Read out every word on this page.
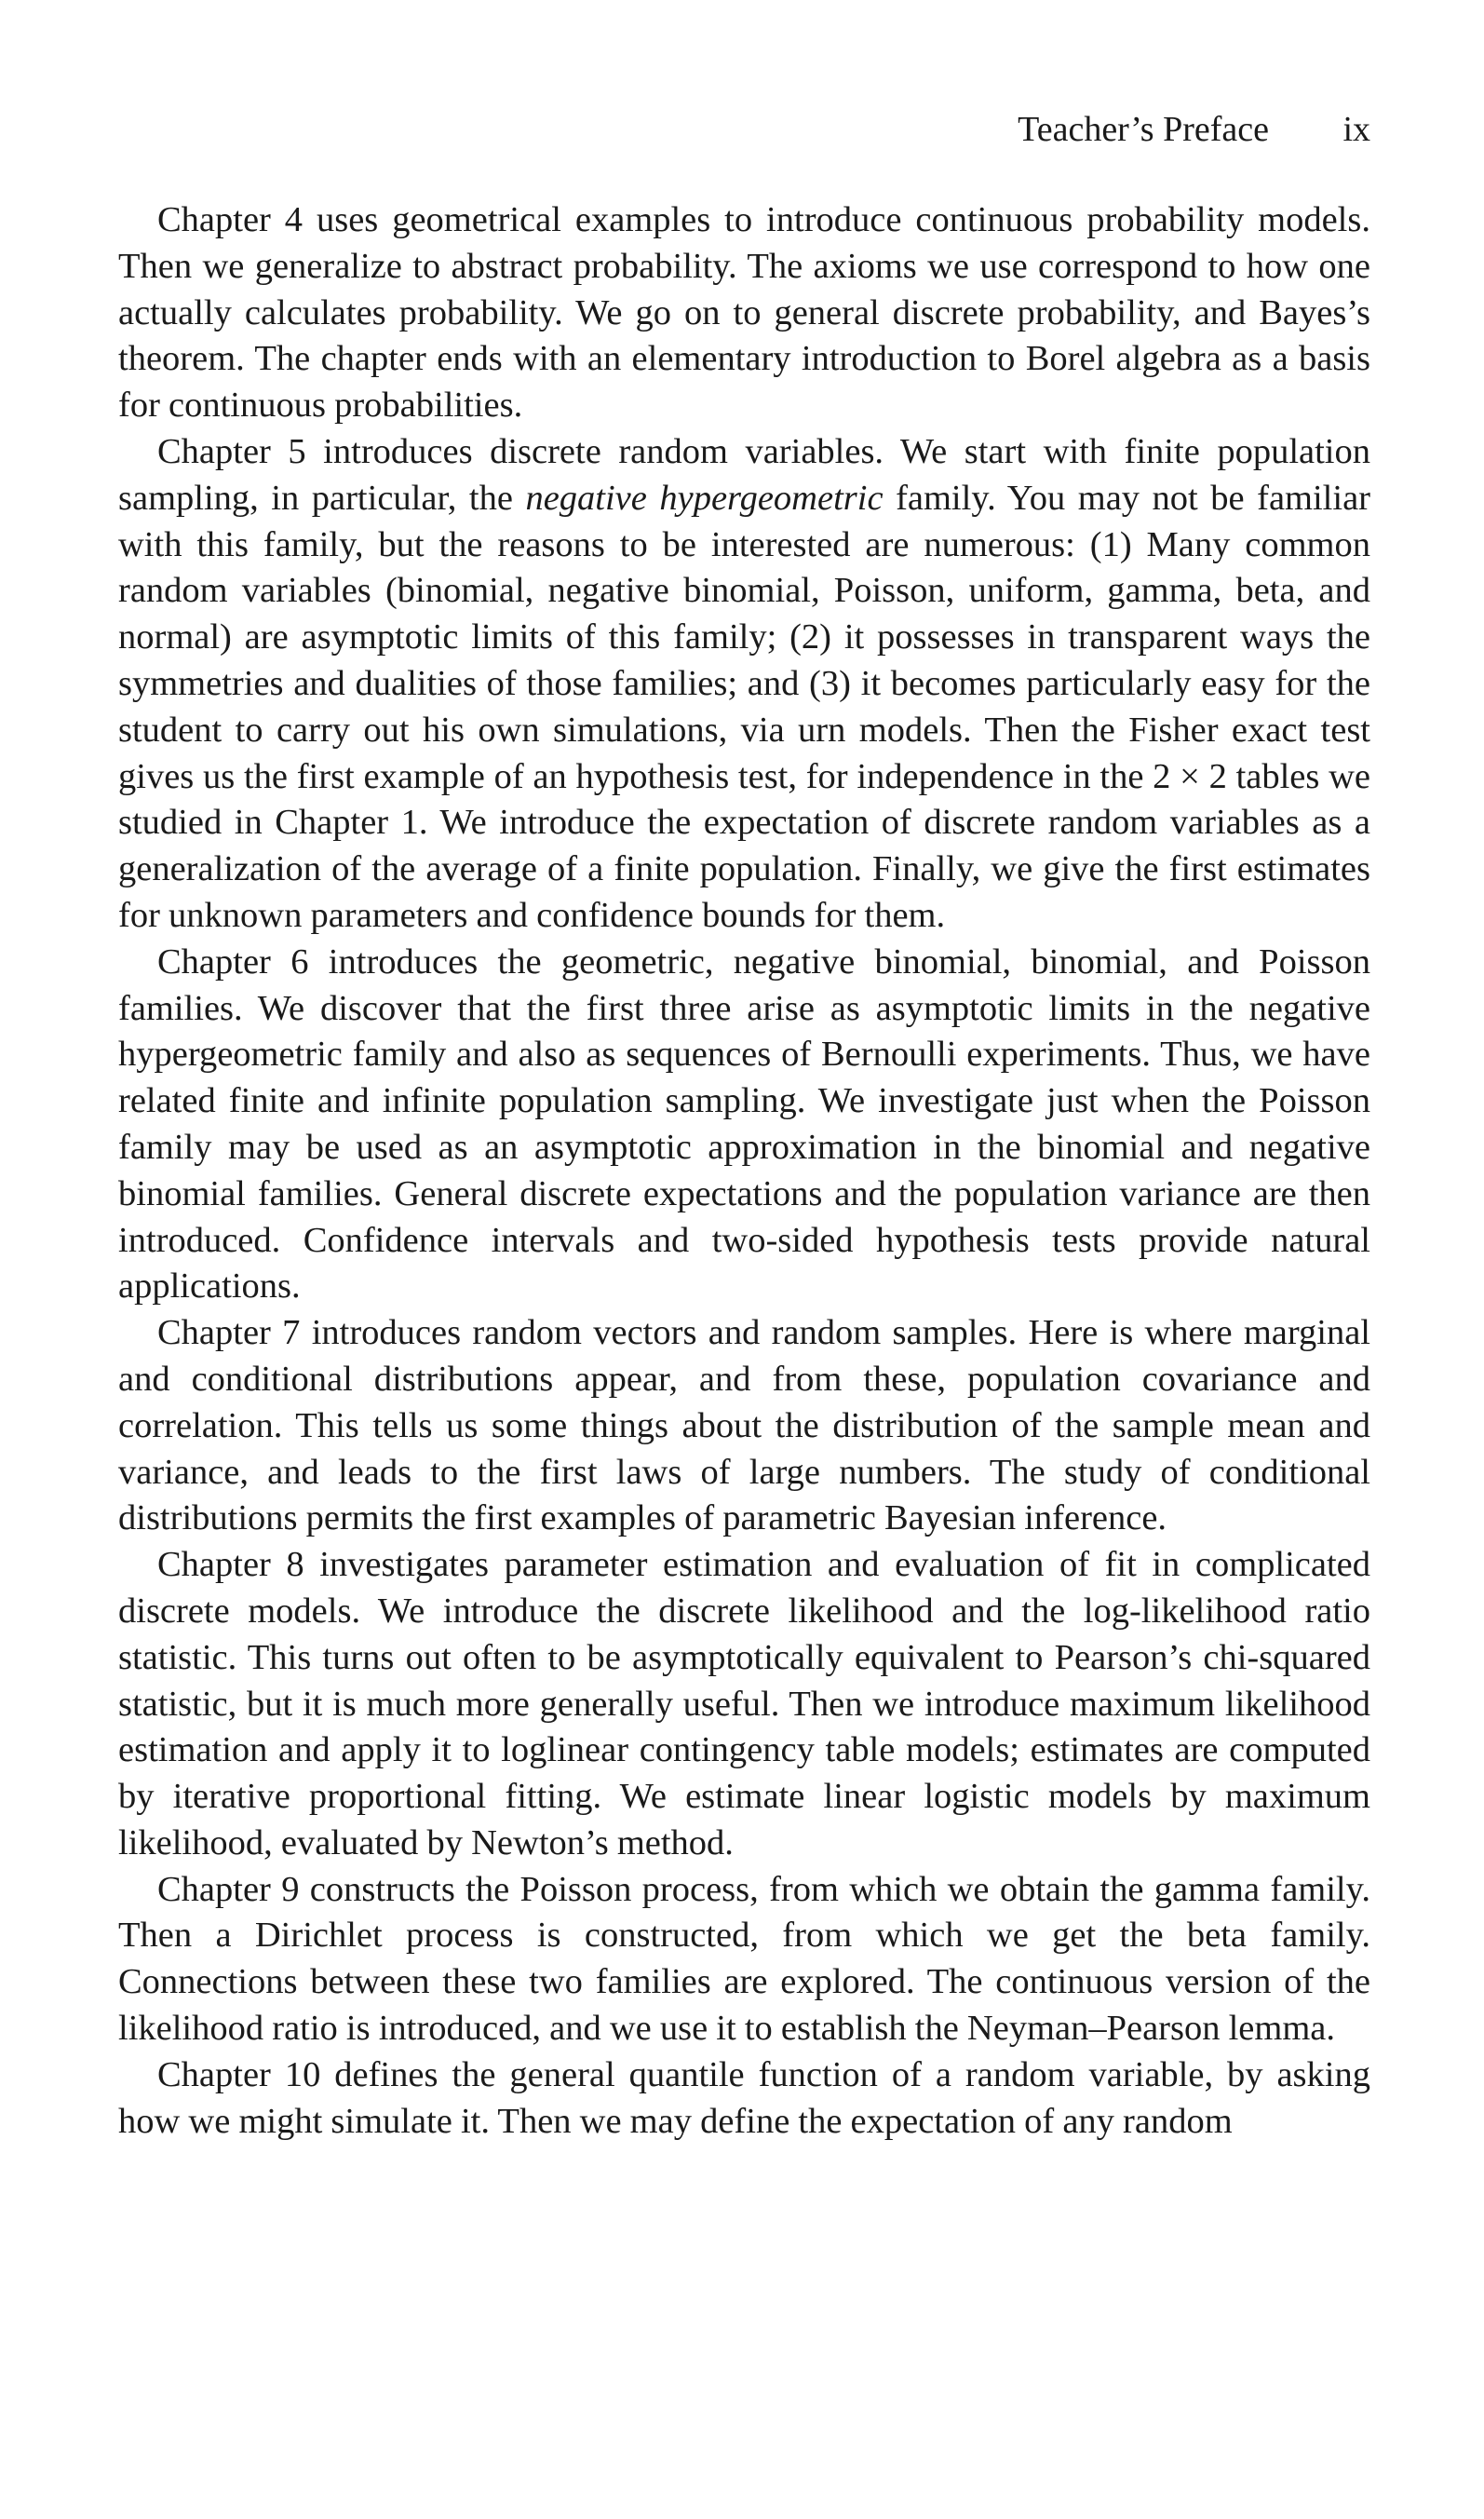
Teacher’s Preface ix

Chapter 4 uses geometrical examples to introduce continuous probability models. Then we generalize to abstract probability. The axioms we use correspond to how one actually calculates probability. We go on to general discrete probability, and Bayes’s theorem. The chapter ends with an elementary introduction to Borel algebra as a basis for continuous probabilities.

Chapter 5 introduces discrete random variables. We start with finite population sampling, in particular, the negative hypergeometric family. You may not be familiar with this family, but the reasons to be interested are numerous: (1) Many common random variables (binomial, negative binomial, Poisson, uniform, gamma, beta, and normal) are asymptotic limits of this family; (2) it possesses in transparent ways the symmetries and dualities of those families; and (3) it becomes particularly easy for the student to carry out his own simulations, via urn models. Then the Fisher exact test gives us the first example of an hypothesis test, for independence in the 2 × 2 tables we studied in Chapter 1. We introduce the expectation of discrete random variables as a generalization of the average of a finite population. Finally, we give the first estimates for unknown parameters and confidence bounds for them.

Chapter 6 introduces the geometric, negative binomial, binomial, and Poisson families. We discover that the first three arise as asymptotic limits in the negative hypergeometric family and also as sequences of Bernoulli experiments. Thus, we have related finite and infinite population sampling. We investigate just when the Poisson family may be used as an asymptotic approximation in the binomial and negative binomial families. General discrete expectations and the population variance are then introduced. Confidence intervals and two-sided hypothesis tests provide natural applications.

Chapter 7 introduces random vectors and random samples. Here is where marginal and conditional distributions appear, and from these, population covariance and correlation. This tells us some things about the distribution of the sample mean and variance, and leads to the first laws of large numbers. The study of conditional distributions permits the first examples of parametric Bayesian inference.

Chapter 8 investigates parameter estimation and evaluation of fit in complicated discrete models. We introduce the discrete likelihood and the log-likelihood ratio statistic. This turns out often to be asymptotically equivalent to Pearson’s chi-squared statistic, but it is much more generally useful. Then we introduce maximum likelihood estimation and apply it to loglinear contingency table models; estimates are computed by iterative proportional fitting. We estimate linear logistic models by maximum likelihood, evaluated by Newton’s method.

Chapter 9 constructs the Poisson process, from which we obtain the gamma family. Then a Dirichlet process is constructed, from which we get the beta family. Connections between these two families are explored. The continuous version of the likelihood ratio is introduced, and we use it to establish the Neyman–Pearson lemma.

Chapter 10 defines the general quantile function of a random variable, by asking how we might simulate it. Then we may define the expectation of any random
